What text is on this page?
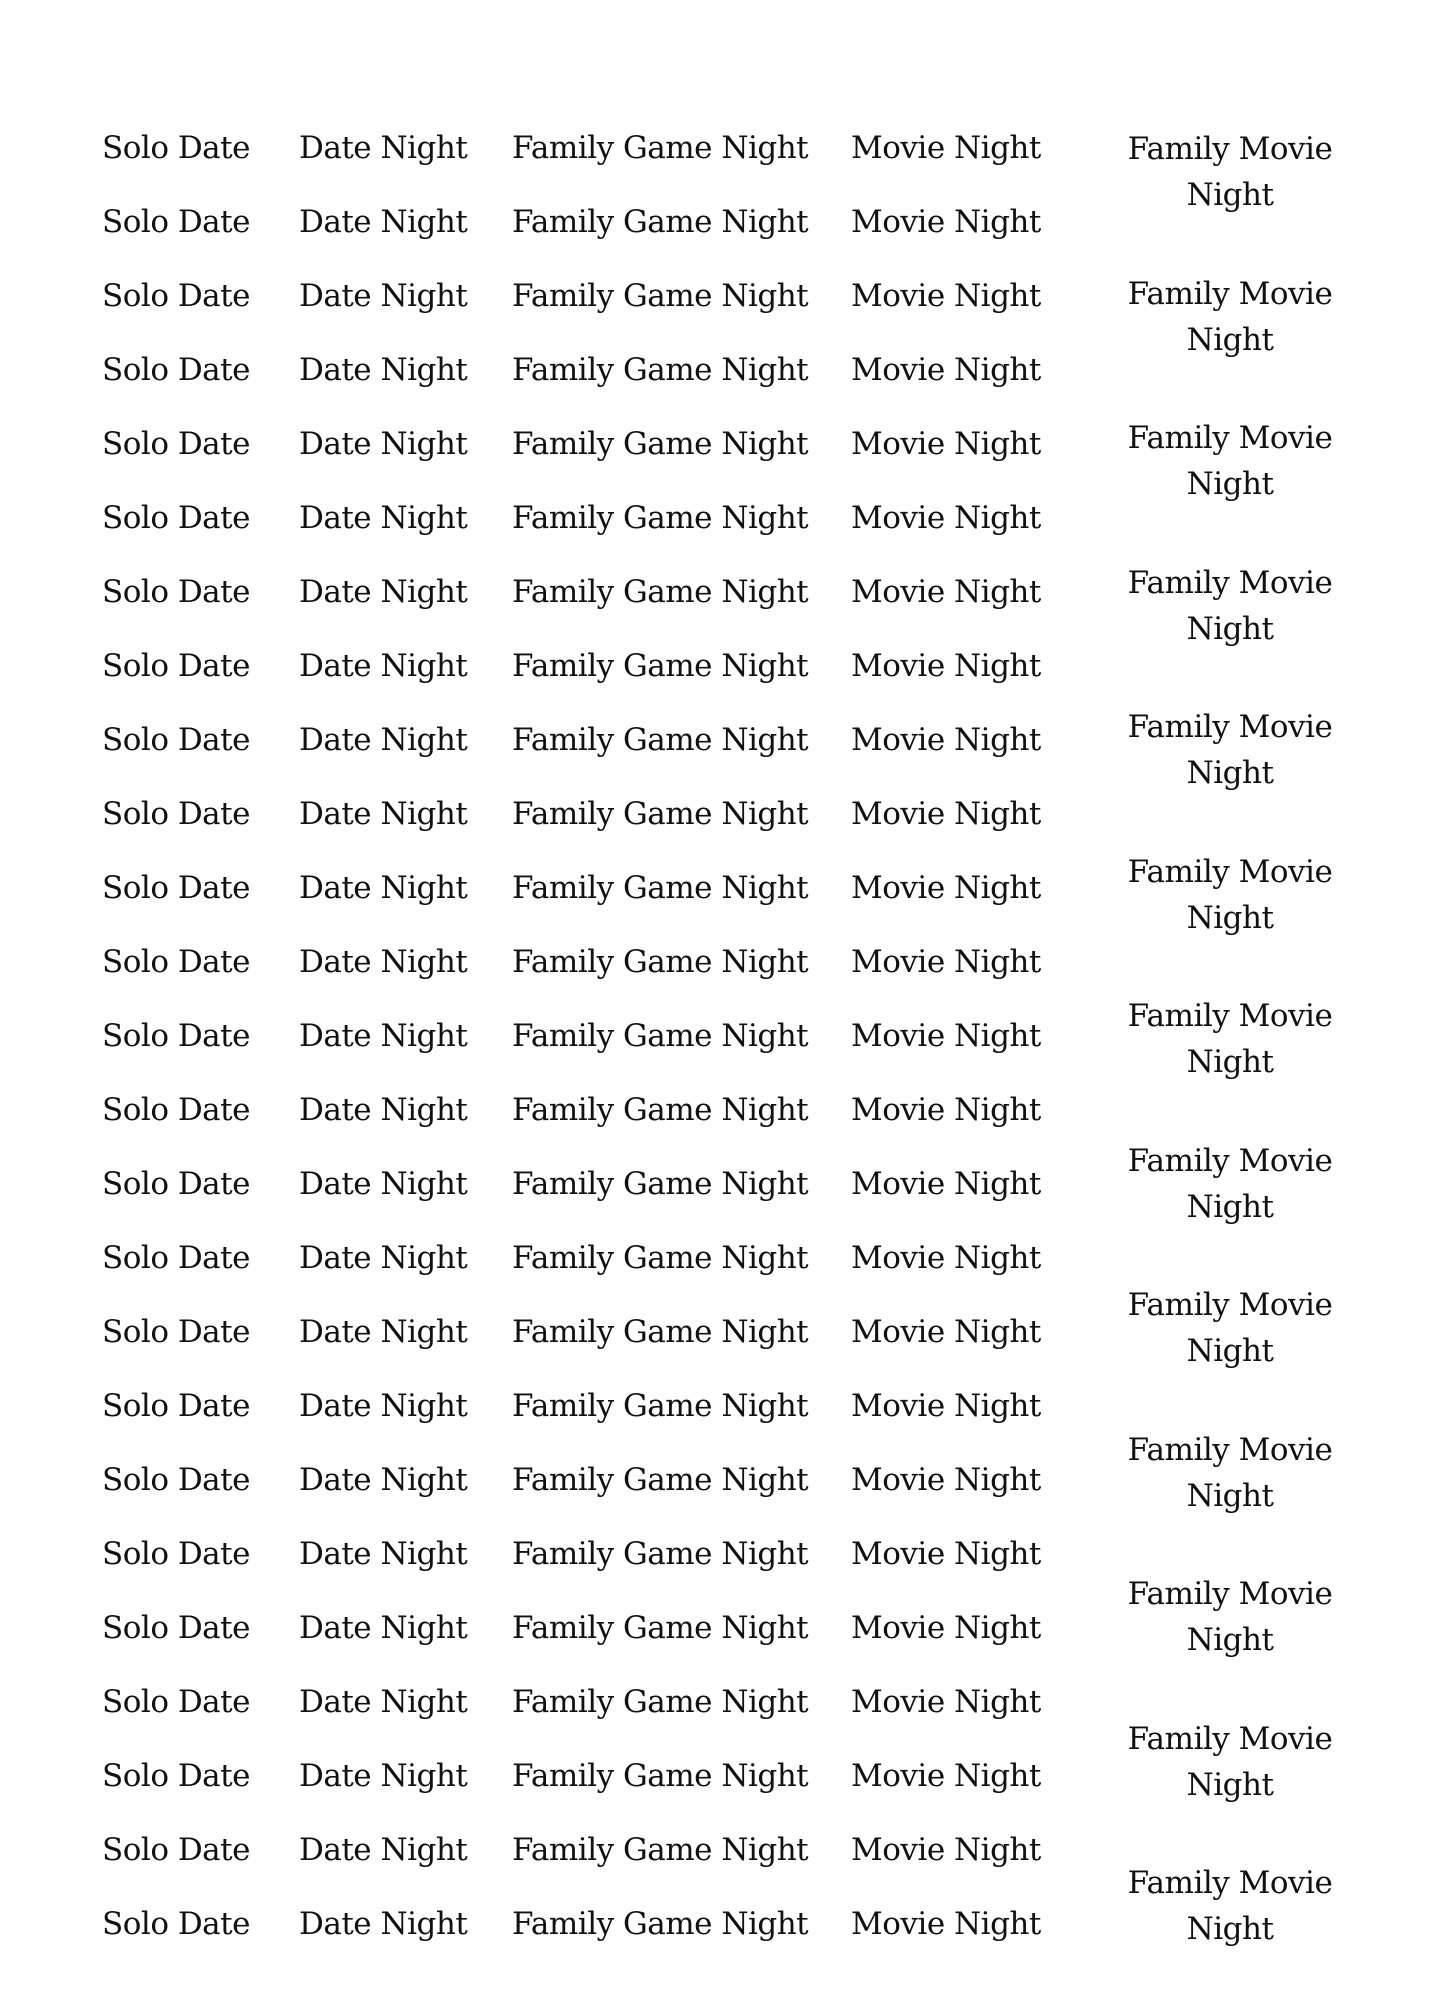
Solo Date
Solo Date
Solo Date
Solo Date
Solo Date
Solo Date
Solo Date
Solo Date
Solo Date
Solo Date
Solo Date
Solo Date
Solo Date
Solo Date
Solo Date
Solo Date
Solo Date
Solo Date
Solo Date
Solo Date
Solo Date
Solo Date
Solo Date
Solo Date
Solo Date
Date Night
Date Night
Date Night
Date Night
Date Night
Date Night
Date Night
Date Night
Date Night
Date Night
Date Night
Date Night
Date Night
Date Night
Date Night
Date Night
Date Night
Date Night
Date Night
Date Night
Date Night
Date Night
Date Night
Date Night
Date Night
Family Game Night
Family Game Night
Family Game Night
Family Game Night
Family Game Night
Family Game Night
Family Game Night
Family Game Night
Family Game Night
Family Game Night
Family Game Night
Family Game Night
Family Game Night
Family Game Night
Family Game Night
Family Game Night
Family Game Night
Family Game Night
Family Game Night
Family Game Night
Family Game Night
Family Game Night
Family Game Night
Family Game Night
Family Game Night
Movie Night
Movie Night
Movie Night
Movie Night
Movie Night
Movie Night
Movie Night
Movie Night
Movie Night
Movie Night
Movie Night
Movie Night
Movie Night
Movie Night
Movie Night
Movie Night
Movie Night
Movie Night
Movie Night
Movie Night
Movie Night
Movie Night
Movie Night
Movie Night
Movie Night
Family Movie Night
Family Movie Night
Family Movie Night
Family Movie Night
Family Movie Night
Family Movie Night
Family Movie Night
Family Movie Night
Family Movie Night
Family Movie Night
Family Movie Night
Family Movie Night
Family Movie Night
